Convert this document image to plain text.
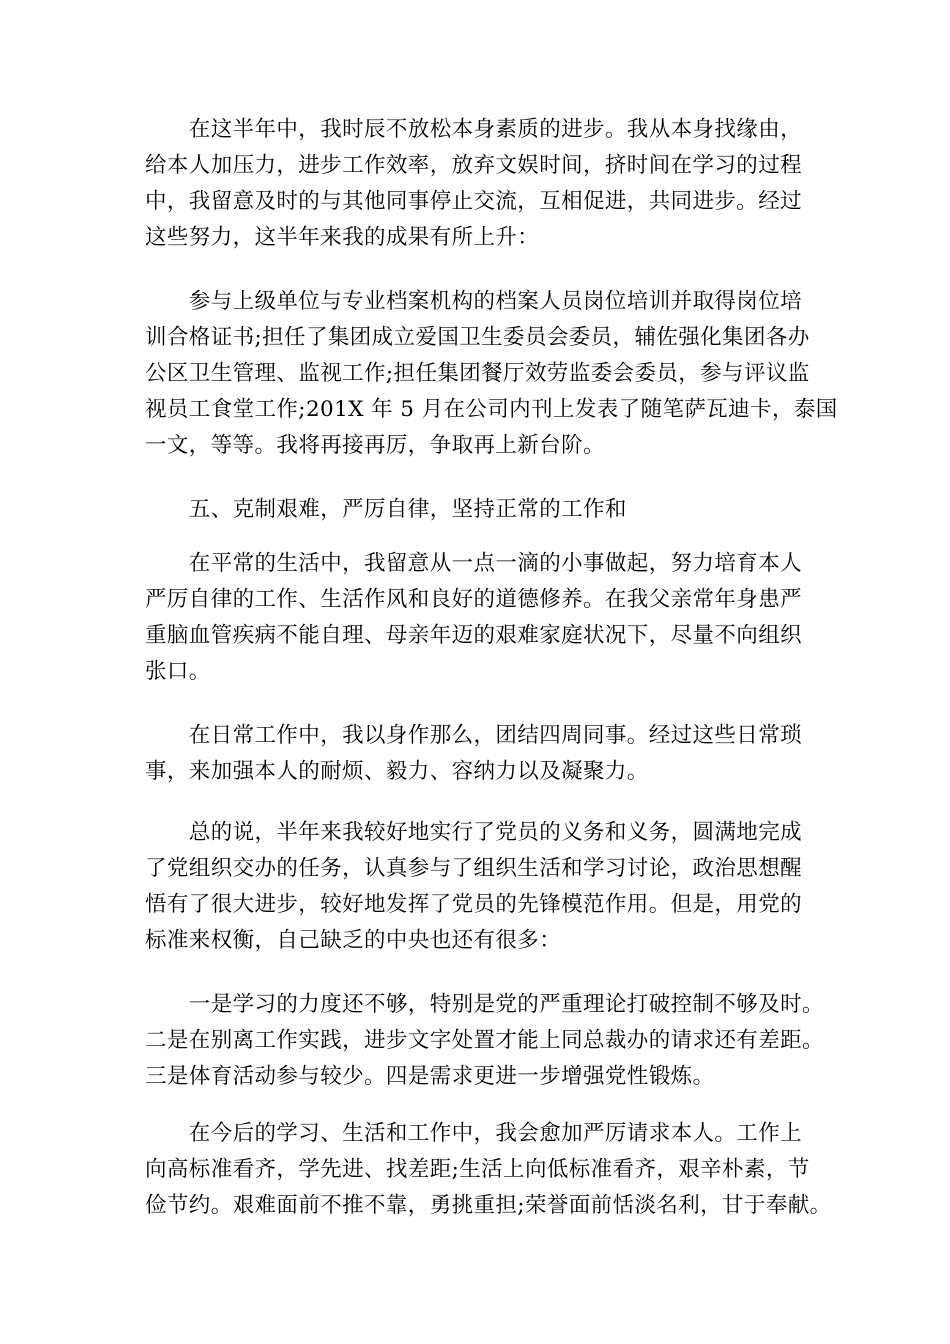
　　在这半年中，我时辰不放松本身素质的进步。我从本身找缘由，
给本人加压力，进步工作效率，放弃文娱时间，挤时间在学习的过程
中，我留意及时的与其他同事停止交流，互相促进，共同进步。经过
这些努力，这半年来我的成果有所上升：
　　参与上级单位与专业档案机构的档案人员岗位培训并取得岗位培
训合格证书;担任了集团成立爱国卫生委员会委员，辅佐强化集团各办
公区卫生管理、监视工作;担任集团餐厅效劳监委会委员，参与评议监
视员工食堂工作;201X 年 5 月在公司内刊上发表了随笔萨瓦迪卡，泰国
一文，等等。我将再接再厉，争取再上新台阶。
　　五、克制艰难，严厉自律，坚持正常的工作和
　　在平常的生活中，我留意从一点一滴的小事做起，努力培育本人
严厉自律的工作、生活作风和良好的道德修养。在我父亲常年身患严
重脑血管疾病不能自理、母亲年迈的艰难家庭状况下，尽量不向组织
张口。
　　在日常工作中，我以身作那么，团结四周同事。经过这些日常琐
事，来加强本人的耐烦、毅力、容纳力以及凝聚力。
　　总的说，半年来我较好地实行了党员的义务和义务，圆满地完成
了党组织交办的任务，认真参与了组织生活和学习讨论，政治思想醒
悟有了很大进步，较好地发挥了党员的先锋模范作用。但是，用党的
标准来权衡，自己缺乏的中央也还有很多：
　　一是学习的力度还不够，特别是党的严重理论打破控制不够及时。
二是在别离工作实践，进步文字处置才能上同总裁办的请求还有差距。
三是体育活动参与较少。四是需求更进一步增强党性锻炼。
　　在今后的学习、生活和工作中，我会愈加严厉请求本人。工作上
向高标准看齐，学先进、找差距;生活上向低标准看齐，艰辛朴素，节
俭节约。艰难面前不推不靠，勇挑重担;荣誉面前恬淡名利，甘于奉献。
